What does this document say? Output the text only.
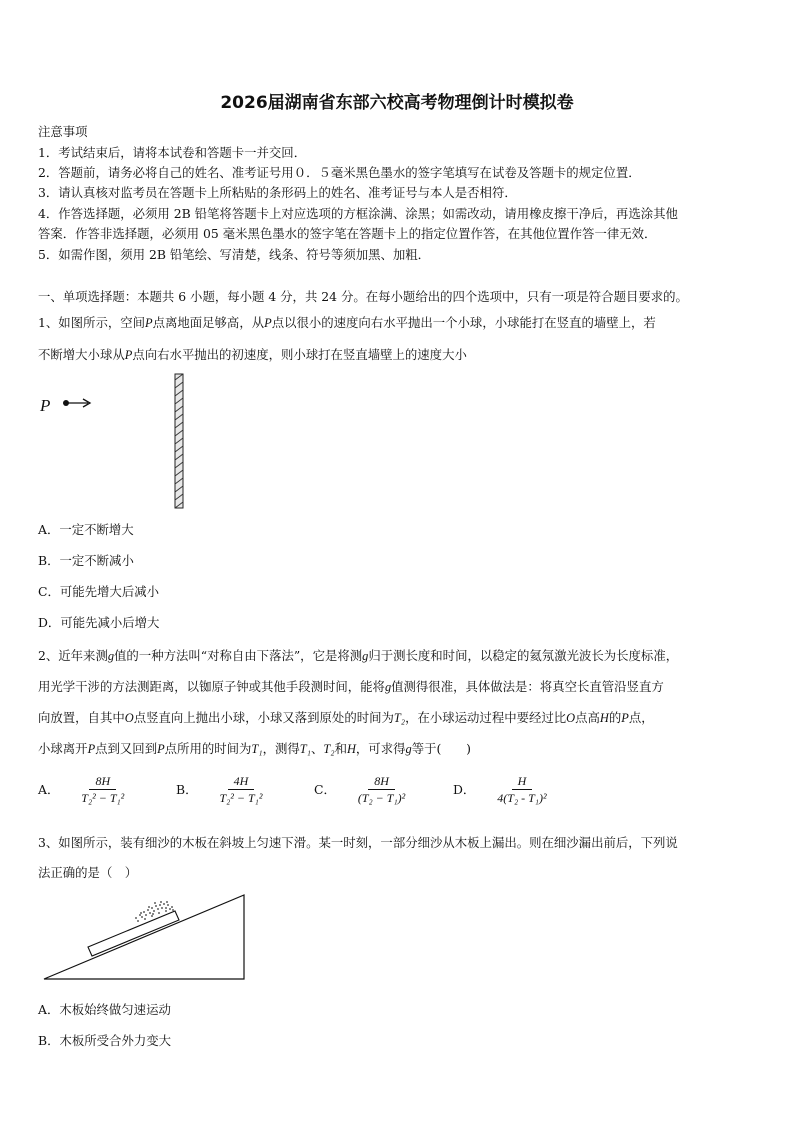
2026届湖南省东部六校高考物理倒计时模拟卷
注意事项
1．考试结束后，请将本试卷和答题卡一并交回．
2．答题前，请务必将自己的姓名、准考证号用０．５毫米黑色墨水的签字笔填写在试卷及答题卡的规定位置．
3．请认真核对监考员在答题卡上所粘贴的条形码上的姓名、准考证号与本人是否相符．
4．作答选择题，必须用 2B 铅笔将答题卡上对应选项的方框涂满、涂黑；如需改动，请用橡皮擦干净后，再选涂其他
答案．作答非选择题，必须用 05 毫米黑色墨水的签字笔在答题卡上的指定位置作答，在其他位置作答一律无效．
5．如需作图，须用 2B 铅笔绘、写清楚，线条、符号等须加黑、加粗．
一、单项选择题：本题共 6 小题，每小题 4 分，共 24 分。在每小题给出的四个选项中，只有一项是符合题目要求的。
1、如图所示，空间P点离地面足够高，从P点以很小的速度向右水平抛出一个小球，小球能打在竖直的墙壁上，若
不断增大小球从P点向右水平抛出的初速度，则小球打在竖直墙壁上的速度大小
P
A．一定不断增大
B．一定不断减小
C．可能先增大后减小
D．可能先减小后增大
2、近年来测g值的一种方法叫“对称自由下落法”，它是将测g归于测长度和时间，以稳定的氦氖激光波长为长度标准，
用光学干涉的方法测距离，以铷原子钟或其他手段测时间，能将g值测得很准，具体做法是：将真空长直管沿竖直方
向放置，自其中O点竖直向上抛出小球，小球又落到原处的时间为T₂，在小球运动过程中要经过比O点高H的P点，
小球离开P点到又回到P点所用的时间为T₁，测得T₁、T₂和H，可求得g等于(　　)
A． $\frac{8H}{\text{T₂² − T₁²}}$	B． $\frac{4H}{\text{T₂² − T₁²}}$	C． $\frac{8H}{\text{(T₂ − T₁)²}}$	D． $\frac{H}{\text{4(T₂ - T₁)²}}$
3、如图所示，装有细沙的木板在斜坡上匀速下滑。某一时刻，一部分细沙从木板上漏出。则在细沙漏出前后，下列说
法正确的是（　）
A．木板始终做匀速运动
B．木板所受合外力变大
